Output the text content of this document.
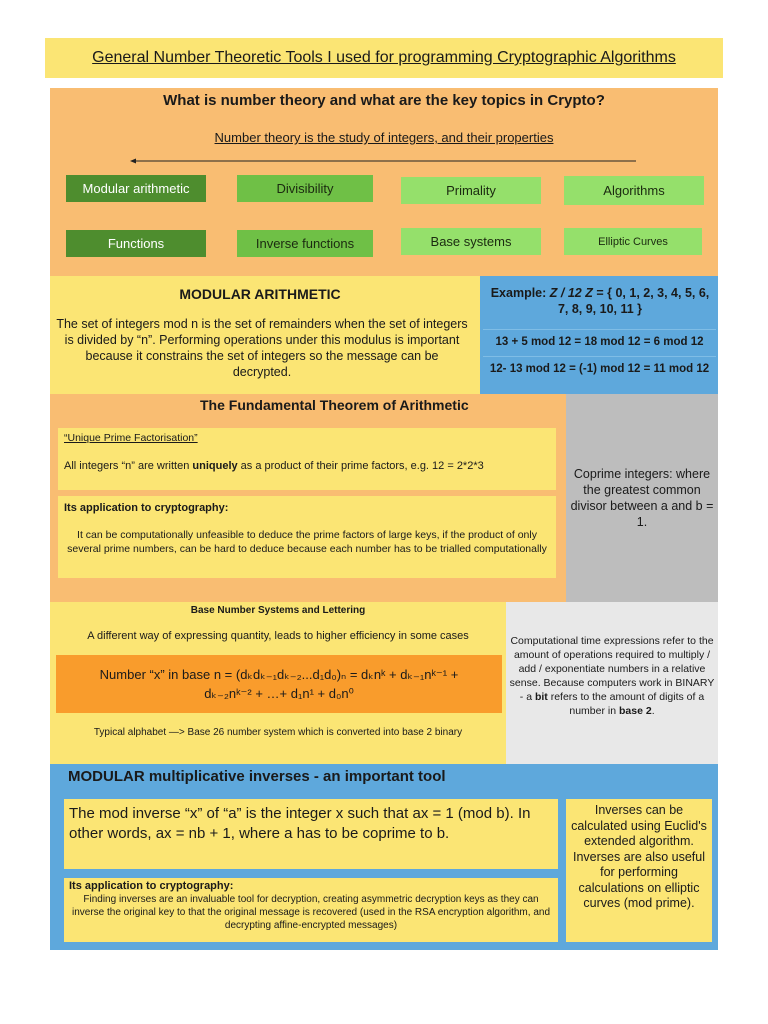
General Number Theoretic Tools I used for programming Cryptographic Algorithms
What is number theory and what are the key topics in Crypto?
Number theory is the study of integers, and their properties
Modular arithmetic	Divisibility	Primality	Algorithms
Functions	Inverse functions	Base systems	Elliptic Curves
MODULAR ARITHMETIC
The set of integers mod n is the set of remainders when the set of integers is divided by “n”. Performing operations under this modulus is important because it constrains the set of integers so the message can be decrypted.
Example: Z / 12 Z = { 0, 1, 2, 3, 4, 5, 6, 7, 8, 9, 10, 11 }
13 + 5 mod 12 = 18 mod 12 = 6 mod 12
12- 13 mod 12 = (-1) mod 12 = 11 mod 12
The Fundamental Theorem of Arithmetic
“Unique Prime Factorisation”
All integers “n” are written uniquely as a product of their prime factors, e.g. 12 = 2*2*3
Its application to cryptography:
It can be computationally unfeasible to deduce the prime factors of large keys, if the product of only several prime numbers, can be hard to deduce because each number has to be trialled computationally
Coprime integers: where the greatest common divisor between a and b = 1.
Base Number Systems and Lettering
A different way of expressing quantity, leads to higher efficiency in some cases
Number “x” in base n = (dₖdₖ₋₁dₖ₋₂...d₁d₀)ₙ = dₖnᵏ + dₖ₋₁nᵏ⁻¹ +
dₖ₋₂nᵏ⁻² + …+ d₁n¹ + d₀n⁰
Typical alphabet —> Base 26 number system which is converted into base 2 binary
Computational time expressions refer to the amount of operations required to multiply / add / exponentiate numbers in a relative sense. Because computers work in BINARY - a bit refers to the amount of digits of a number in base 2.
MODULAR multiplicative inverses - an important tool
The mod inverse “x” of “a” is the integer x such that ax = 1 (mod b). In other words, ax = nb + 1, where a has to be coprime to b.
Its application to cryptography:
Finding inverses are an invaluable tool for decryption, creating asymmetric decryption keys as they can inverse the original key to that the original message is recovered (used in the RSA encryption algorithm, and decrypting affine-encrypted messages)
Inverses can be calculated using Euclid's extended algorithm. Inverses are also useful for performing calculations on elliptic curves (mod prime).
